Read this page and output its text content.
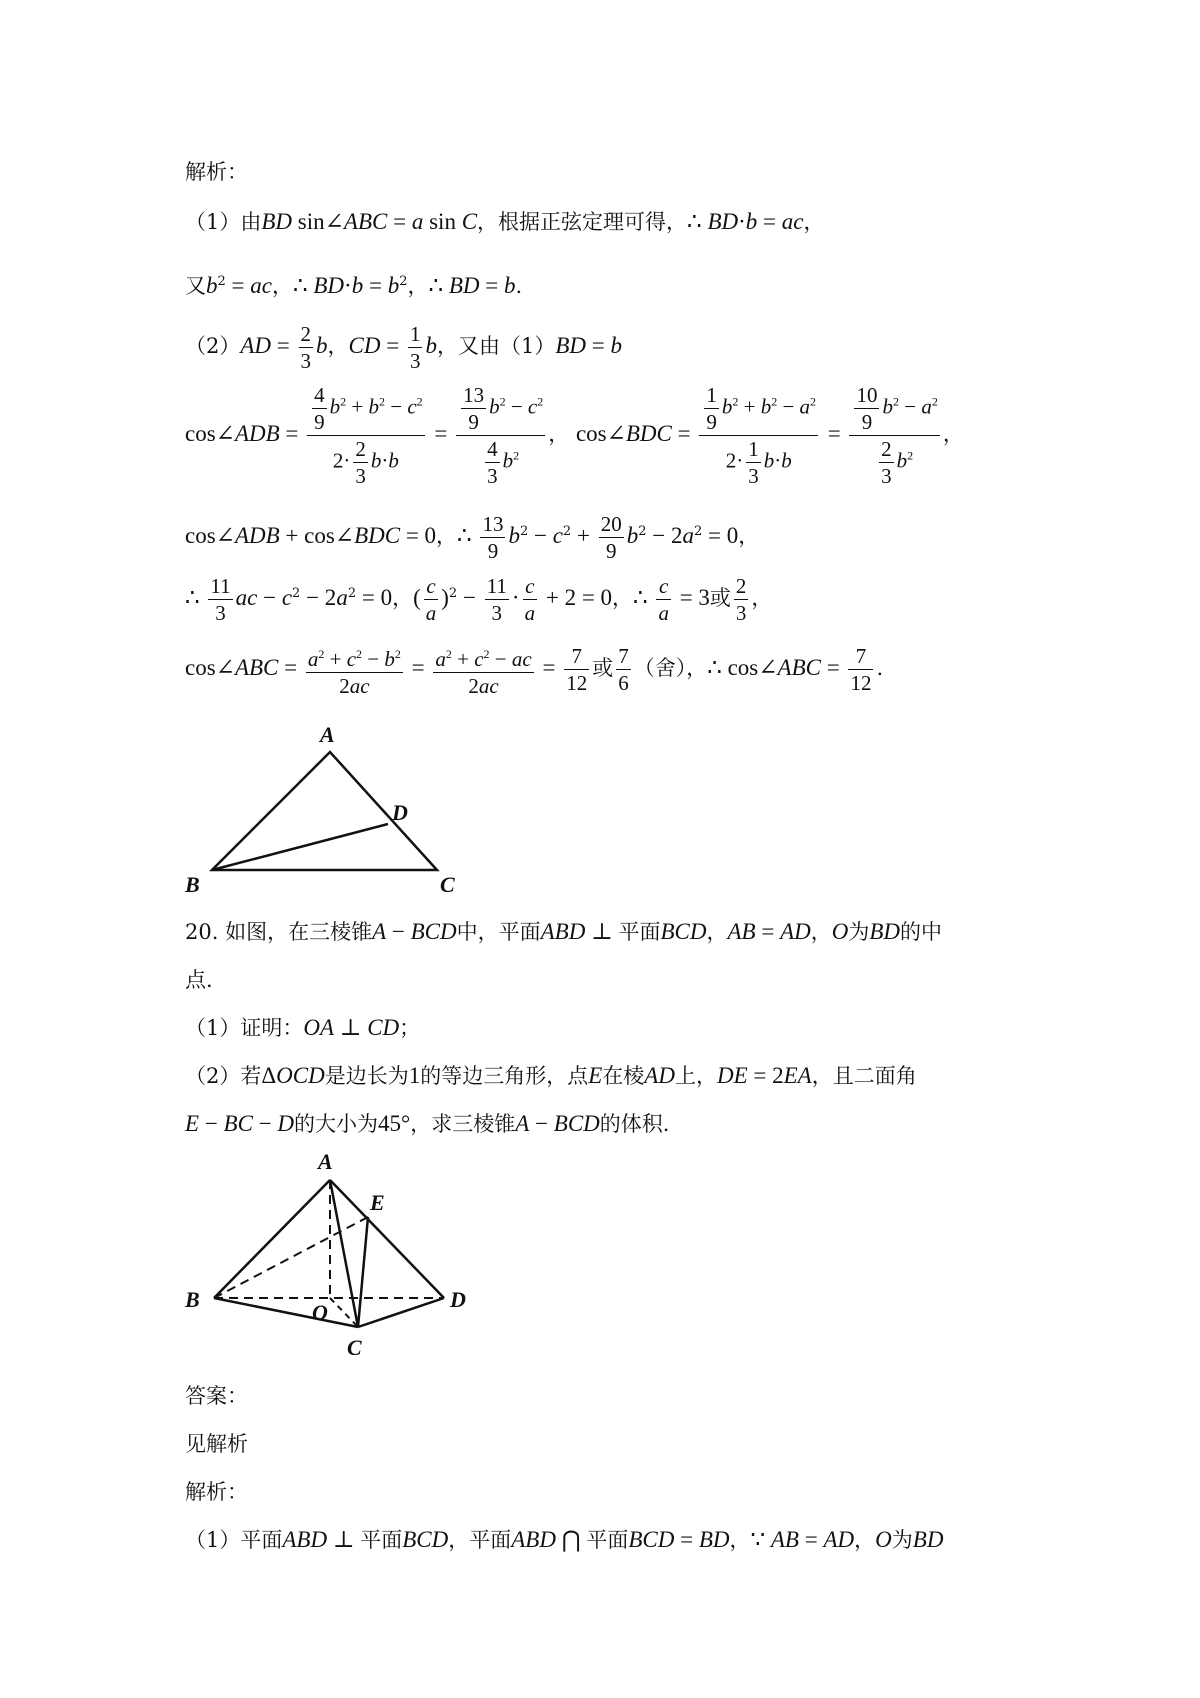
解析：
（1）由BD sin∠ABC = a sin C，根据正弦定理可得，∴ BD·b = ac，
又$b^2$ = ac，∴ $BD\cdot b = b^2$，∴ BD = b.
$(2)AD = \frac{2}{3}$ b，CD = $\frac{1}{3}$ b，又由（1）BD = b
cos∠ADB = $\frac{\frac{4}{9} b^2 + b^2 - c^2}{2\cdot \frac{2}{3} b\cdot b} = \frac{\frac{13}{9} b^2 - c^2}{\frac{4}{3} b^2}$ ， cos∠BDC = $\frac{\frac{1}{9} b^2 + b^2 - a^2}{2\cdot \frac{1}{3} b\cdot b} = \frac{\frac{10}{9} b^2 - a^2}{\frac{2}{3} b^2}$ ，
cos∠ADB + cos∠BDC = 0，∴ $\frac{13}{9} b^2 - c^2 + \frac{20}{9} b^2 - 2a^2 = 0$，
∴ $\frac{11}{3}$ ac − $c^2 - 2a^2 = 0$，( $\frac{c}{a} )^2 - \frac{11}{3} \cdot \frac{c}{a} + 2 = 0$，∴ $\frac{c}{a} = 3$或 $\frac{2}{3}$ ，
cos∠ABC = $\frac{a^2 + c^2 - b^2}{2ac} = \frac{a^2 + c^2 - ac}{2ac} = \frac{7}{12}$ 或 $\frac{7}{6}$ （舍），∴ cos∠ABC = $\frac{7}{12}$ .
A
B	C
D
20. 如图，在三棱锥A − BCD中，平面ABD ⊥ 平面BCD，AB = AD，O为BD的中
点.
（1）证明：OA ⊥ CD；
（2）若ΔOCD是边长为1的等边三角形，点E在棱AD上，DE = 2EA，且二面角
E − BC − D的大小为45°，求三棱锥A − BCD的体积.
A
B
C
D
E
O
答案：
见解析
解析：
（1）平面ABD ⊥ 平面BCD，平面ABD ⋂ 平面BCD = BD，∵ AB = AD，O为BD
